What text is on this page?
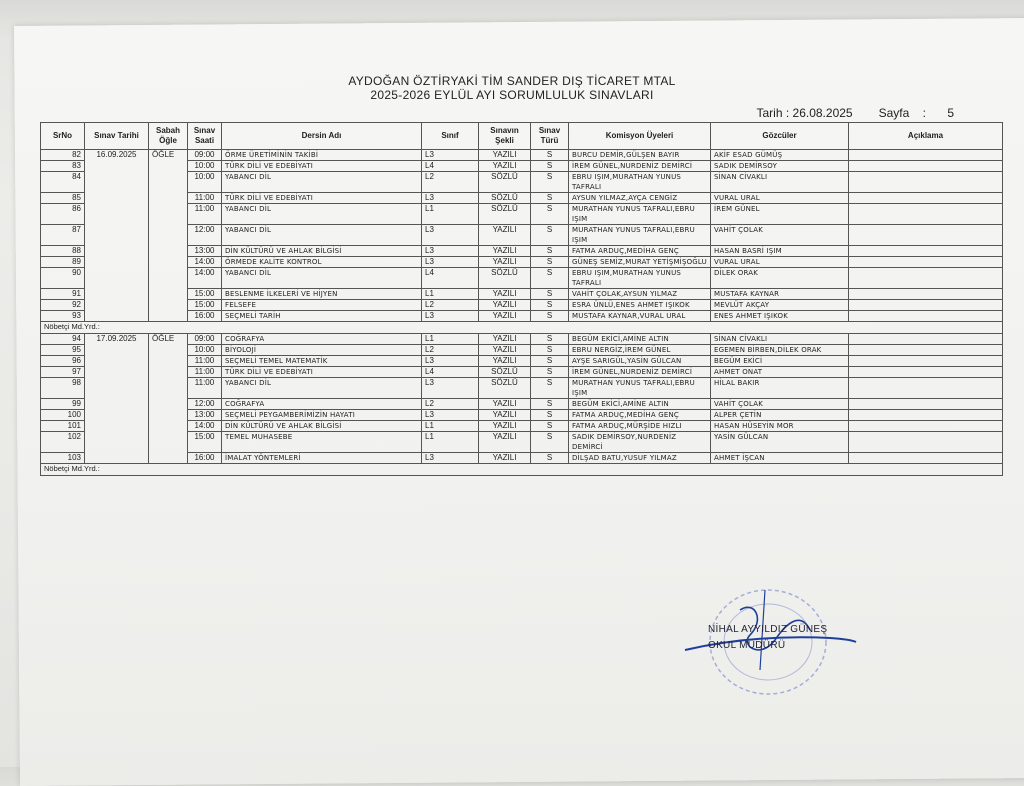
AYDOĞAN ÖZTİRYAKİ TİM SANDER DIŞ TİCARET MTAL
2025-2026 EYLÜL AYI SORUMLULUK SINAVLARI
Tarih : 26.08.2025 Sayfa : 5
SrNo	Sınav Tarihi	Sabah Öğle	Sınav Saati	Dersin Adı	Sınıf	Sınavın Şekli	Sınav Türü	Komisyon Üyeleri	Gözcüler	Açıklama
82	16.09.2025	ÖĞLE	09:00	ÖRME ÜRETİMİNİN TAKİBİ	L3	YAZILI	S	BURCU DEMİR,GÜLŞEN BAYIR	AKİF ESAD GÜMÜŞ	
83			10:00	TÜRK DİLİ VE EDEBİYATI	L4	YAZILI	S	İREM GÜNEL,NURDENİZ DEMİRCİ	SADIK DEMİRSOY	
84			10:00	YABANCI DİL	L2	SÖZLÜ	S	EBRU IŞIM,MURATHAN YUNUS TAFRALI	SİNAN CİVAKLI	
85			11:00	TÜRK DİLİ VE EDEBİYATI	L3	SÖZLÜ	S	AYSUN YILMAZ,AYÇA CENGİZ	VURAL URAL	
86			11:00	YABANCI DİL	L1	SÖZLÜ	S	MURATHAN YUNUS TAFRALI,EBRU IŞIM	İREM GÜNEL	
87			12:00	YABANCI DİL	L3	YAZILI	S	MURATHAN YUNUS TAFRALI,EBRU IŞIM	VAHİT ÇOLAK	
88			13:00	DİN KÜLTÜRÜ VE AHLAK BİLGİSİ	L3	YAZILI	S	FATMA ARDUÇ,MEDİHA GENÇ	HASAN BASRİ IŞIM	
89			14:00	ÖRMEDE KALİTE KONTROL	L3	YAZILI	S	GÜNEŞ SEMİZ,MURAT YETİŞMİŞOĞLU	VURAL URAL	
90			14:00	YABANCI DİL	L4	SÖZLÜ	S	EBRU IŞIM,MURATHAN YUNUS TAFRALI	DİLEK ORAK	
91			15:00	BESLENME İLKELERİ VE HİJYEN	L1	YAZILI	S	VAHİT ÇOLAK,AYSUN YILMAZ	MUSTAFA KAYNAR	
92			15:00	FELSEFE	L2	YAZILI	S	ESRA ÜNLÜ,ENES AHMET IŞIKOK	MEVLÜT AKÇAY	
93			16:00	SEÇMELİ TARİH	L3	YAZILI	S	MUSTAFA KAYNAR,VURAL URAL	ENES AHMET IŞIKOK	
Nöbetçi Md.Yrd.:										
94	17.09.2025	ÖĞLE	09:00	COĞRAFYA	L1	YAZILI	S	BEGÜM EKİCİ,AMİNE ALTIN	SİNAN CİVAKLI	
95			10:00	BİYOLOJİ	L2	YAZILI	S	EBRU NERGİZ,İREM GÜNEL	EGEMEN BİRBEN,DİLEK ORAK	
96			11:00	SEÇMELİ TEMEL MATEMATİK	L3	YAZILI	S	AYŞE SARIGÜL,YASİN GÜLCAN	BEGÜM EKİCİ	
97			11:00	TÜRK DİLİ VE EDEBİYATI	L4	SÖZLÜ	S	İREM GÜNEL,NURDENİZ DEMİRCİ	AHMET ONAT	
98			11:00	YABANCI DİL	L3	SÖZLÜ	S	MURATHAN YUNUS TAFRALI,EBRU IŞIM	HİLAL BAKIR	
99			12:00	COĞRAFYA	L2	YAZILI	S	BEGÜM EKİCİ,AMİNE ALTIN	VAHİT ÇOLAK	
100			13:00	SEÇMELİ PEYGAMBERİMİZİN HAYATI	L3	YAZILI	S	FATMA ARDUÇ,MEDİHA GENÇ	ALPER ÇETİN	
101			14:00	DİN KÜLTÜRÜ VE AHLAK BİLGİSİ	L1	YAZILI	S	FATMA ARDUÇ,MÜRŞİDE HIZLI	HASAN HÜSEYİN MOR	
102			15:00	TEMEL MUHASEBE	L1	YAZILI	S	SADIK DEMİRSOY,NURDENİZ DEMİRCİ	YASİN GÜLCAN	
103			16:00	İMALAT YÖNTEMLERİ	L3	YAZILI	S	DİLŞAD BATU,YUSUF YILMAZ	AHMET İŞCAN	
Nöbetçi Md.Yrd.:										
NİHAL AYYILDIZ GÜNEŞ
OKUL MÜDÜRÜ
